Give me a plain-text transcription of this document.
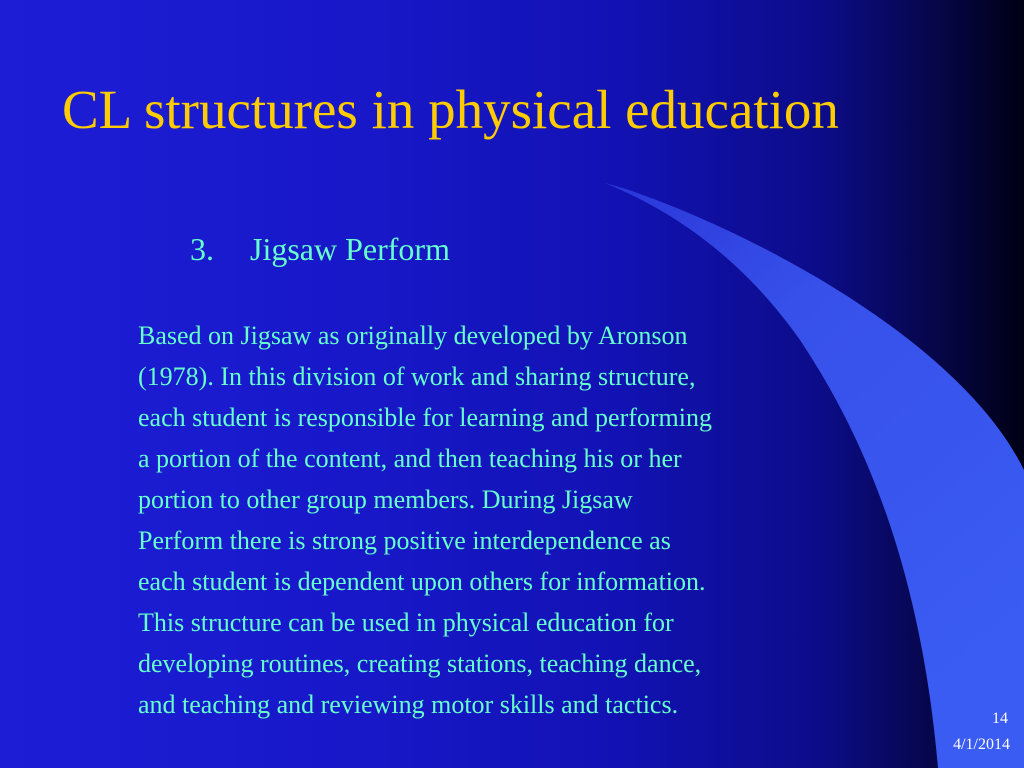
CL structures in physical education
3. Jigsaw Perform

Based on Jigsaw as originally developed by Aronson
(1978). In this division of work and sharing structure,
each student is responsible for learning and performing
a portion of the content, and then teaching his or her
portion to other group members. During Jigsaw
Perform there is strong positive interdependence as
each student is dependent upon others for information.
This structure can be used in physical education for
developing routines, creating stations, teaching dance,
and teaching and reviewing motor skills and tactics.	14
4/1/2014
